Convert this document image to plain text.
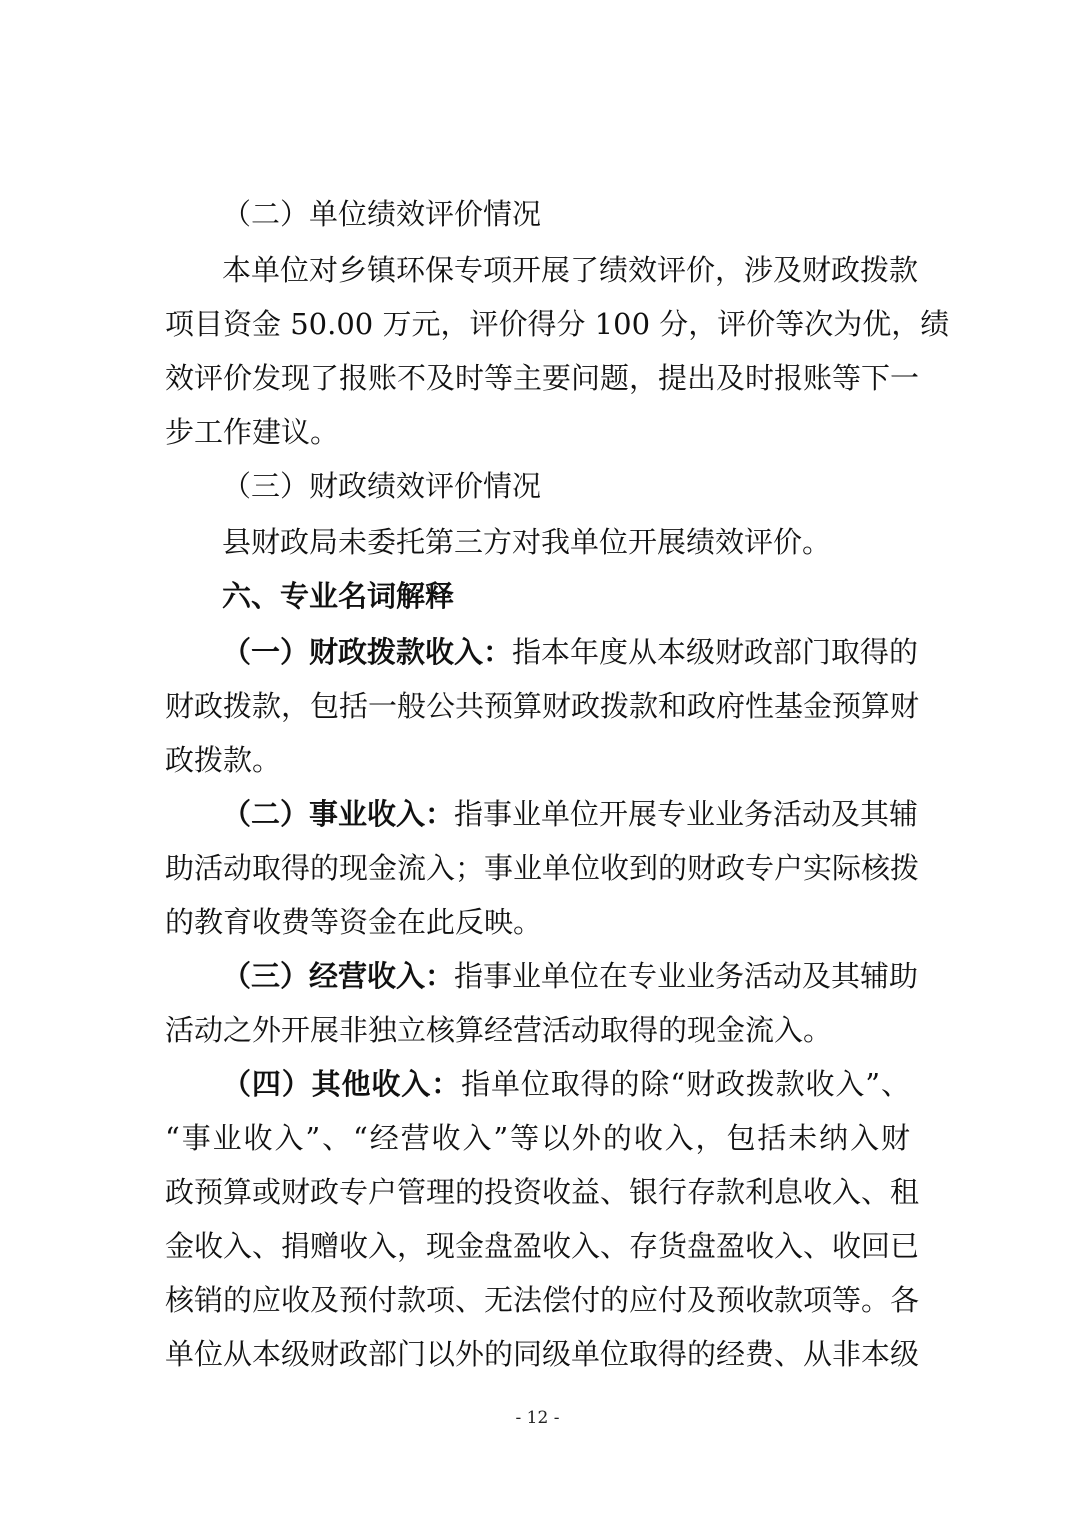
（二）单位绩效评价情况
本单位对乡镇环保专项开展了绩效评价，涉及财政拨款
项目资金 50.00 万元，评价得分 100 分，评价等次为优，绩
效评价发现了报账不及时等主要问题，提出及时报账等下一
步工作建议。
（三）财政绩效评价情况
县财政局未委托第三方对我单位开展绩效评价。
六、专业名词解释
（一）财政拨款收入：指本年度从本级财政部门取得的
财政拨款，包括一般公共预算财政拨款和政府性基金预算财
政拨款。
（二）事业收入：指事业单位开展专业业务活动及其辅
助活动取得的现金流入；事业单位收到的财政专户实际核拨
的教育收费等资金在此反映。
（三）经营收入：指事业单位在专业业务活动及其辅助
活动之外开展非独立核算经营活动取得的现金流入。
（四）其他收入：指单位取得的除“财政拨款收入”、
“事业收入”、“经营收入”等以外的收入，包括未纳入财
政预算或财政专户管理的投资收益、银行存款利息收入、租
金收入、捐赠收入，现金盘盈收入、存货盘盈收入、收回已
核销的应收及预付款项、无法偿付的应付及预收款项等。各
单位从本级财政部门以外的同级单位取得的经费、从非本级
- 12 -
